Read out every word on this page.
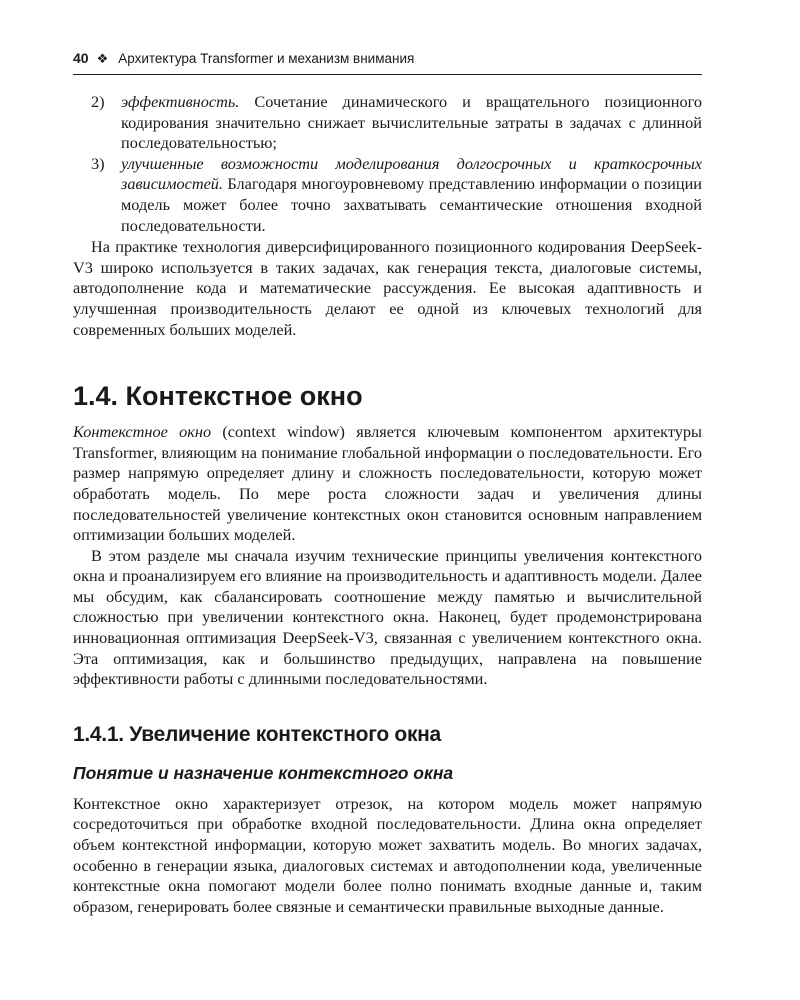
40 ❖ Архитектура Transformer и механизм внимания
2)	эффективность. Сочетание динамического и вращательного позиционного кодирования значительно снижает вычислительные затраты в задачах с длинной последовательностью;
3)	улучшенные возможности моделирования долгосрочных и краткосрочных зависимостей. Благодаря многоуровневому представлению информации о позиции модель может более точно захватывать семантические отношения входной последовательности.

На практике технология диверсифицированного позиционного кодирования DeepSeek-V3 широко используется в таких задачах, как генерация текста, диалоговые системы, автодополнение кода и математические рассуждения. Ее высокая адаптивность и улучшенная производительность делают ее одной из ключевых технологий для современных больших моделей.

1.4. Контекстное окно

Контекстное окно (context window) является ключевым компонентом архитектуры Transformer, влияющим на понимание глобальной информации о последовательности. Его размер напрямую определяет длину и сложность последовательности, которую может обработать модель. По мере роста сложности задач и увеличения длины последовательностей увеличение контекстных окон становится основным направлением оптимизации больших моделей.

В этом разделе мы сначала изучим технические принципы увеличения контекстного окна и проанализируем его влияние на производительность и адаптивность модели. Далее мы обсудим, как сбалансировать соотношение между памятью и вычислительной сложностью при увеличении контекстного окна. Наконец, будет продемонстрирована инновационная оптимизация DeepSeek-V3, связанная с увеличением контекстного окна. Эта оптимизация, как и большинство предыдущих, направлена на повышение эффективности работы с длинными последовательностями.

1.4.1. Увеличение контекстного окна
Понятие и назначение контекстного окна

Контекстное окно характеризует отрезок, на котором модель может напрямую сосредоточиться при обработке входной последовательности. Длина окна определяет объем контекстной информации, которую может захватить модель. Во многих задачах, особенно в генерации языка, диалоговых системах и автодополнении кода, увеличенные контекстные окна помогают модели более полно понимать входные данные и, таким образом, генерировать более связные и семантически правильные выходные данные.
